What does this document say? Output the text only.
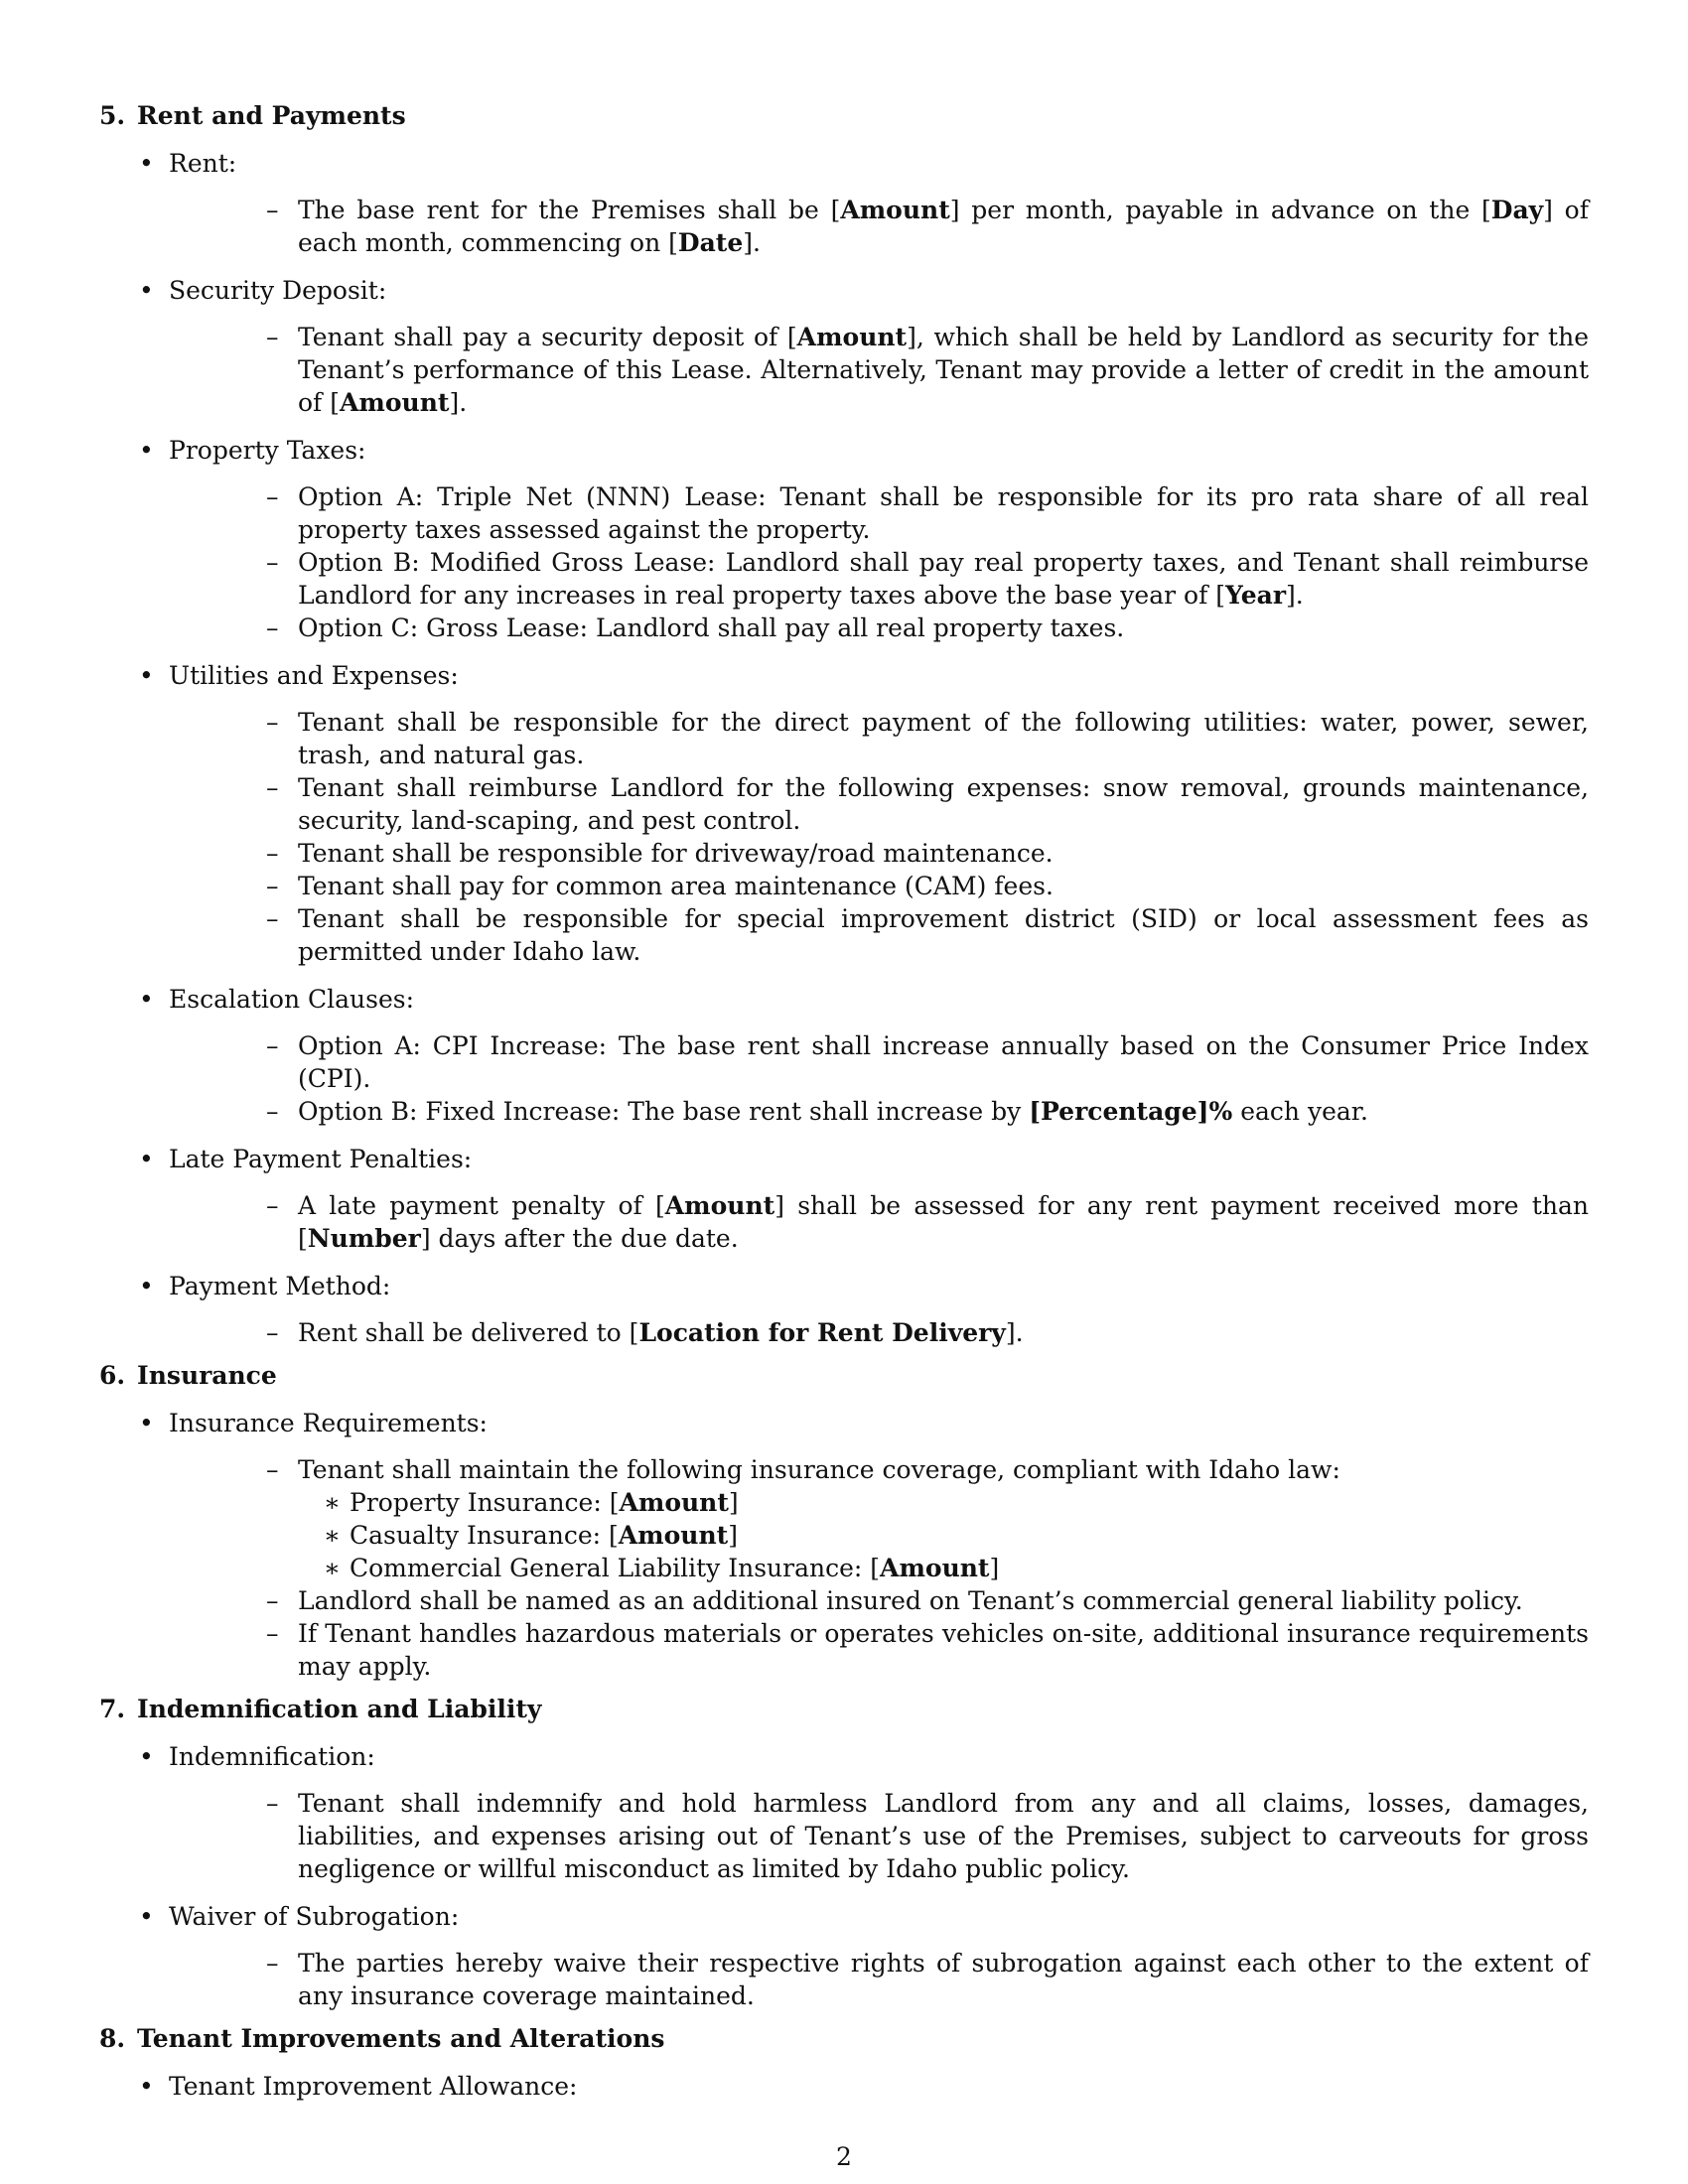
5. Rent and Payments
• Rent:
– The base rent for the Premises shall be [Amount] per month, payable in advance on the [Day] of each month, commencing on [Date].
• Security Deposit:
– Tenant shall pay a security deposit of [Amount], which shall be held by Landlord as security for the Tenant’s performance of this Lease. Alternatively, Tenant may provide a letter of credit in the amount of [Amount].
• Property Taxes:
– Option A: Triple Net (NNN) Lease: Tenant shall be responsible for its pro rata share of all real property taxes assessed against the property.
– Option B: Modified Gross Lease: Landlord shall pay real property taxes, and Tenant shall reimburse Landlord for any increases in real property taxes above the base year of [Year].
– Option C: Gross Lease: Landlord shall pay all real property taxes.
• Utilities and Expenses:
– Tenant shall be responsible for the direct payment of the following utilities: water, power, sewer, trash, and natural gas.
– Tenant shall reimburse Landlord for the following expenses: snow removal, grounds maintenance, security, land-scaping, and pest control.
– Tenant shall be responsible for driveway/road maintenance.
– Tenant shall pay for common area maintenance (CAM) fees.
– Tenant shall be responsible for special improvement district (SID) or local assessment fees as permitted under Idaho law.
• Escalation Clauses:
– Option A: CPI Increase: The base rent shall increase annually based on the Consumer Price Index (CPI).
– Option B: Fixed Increase: The base rent shall increase by [Percentage]% each year.
• Late Payment Penalties:
– A late payment penalty of [Amount] shall be assessed for any rent payment received more than [Number] days after the due date.
• Payment Method:
– Rent shall be delivered to [Location for Rent Delivery].
6. Insurance
• Insurance Requirements:
– Tenant shall maintain the following insurance coverage, compliant with Idaho law:
∗ Property Insurance: [Amount]
∗ Casualty Insurance: [Amount]
∗ Commercial General Liability Insurance: [Amount]
– Landlord shall be named as an additional insured on Tenant’s commercial general liability policy.
– If Tenant handles hazardous materials or operates vehicles on-site, additional insurance requirements may apply.
7. Indemnification and Liability
• Indemnification:
– Tenant shall indemnify and hold harmless Landlord from any and all claims, losses, damages, liabilities, and expenses arising out of Tenant’s use of the Premises, subject to carveouts for gross negligence or willful misconduct as limited by Idaho public policy.
• Waiver of Subrogation:
– The parties hereby waive their respective rights of subrogation against each other to the extent of any insurance coverage maintained.
8. Tenant Improvements and Alterations
• Tenant Improvement Allowance:
2
